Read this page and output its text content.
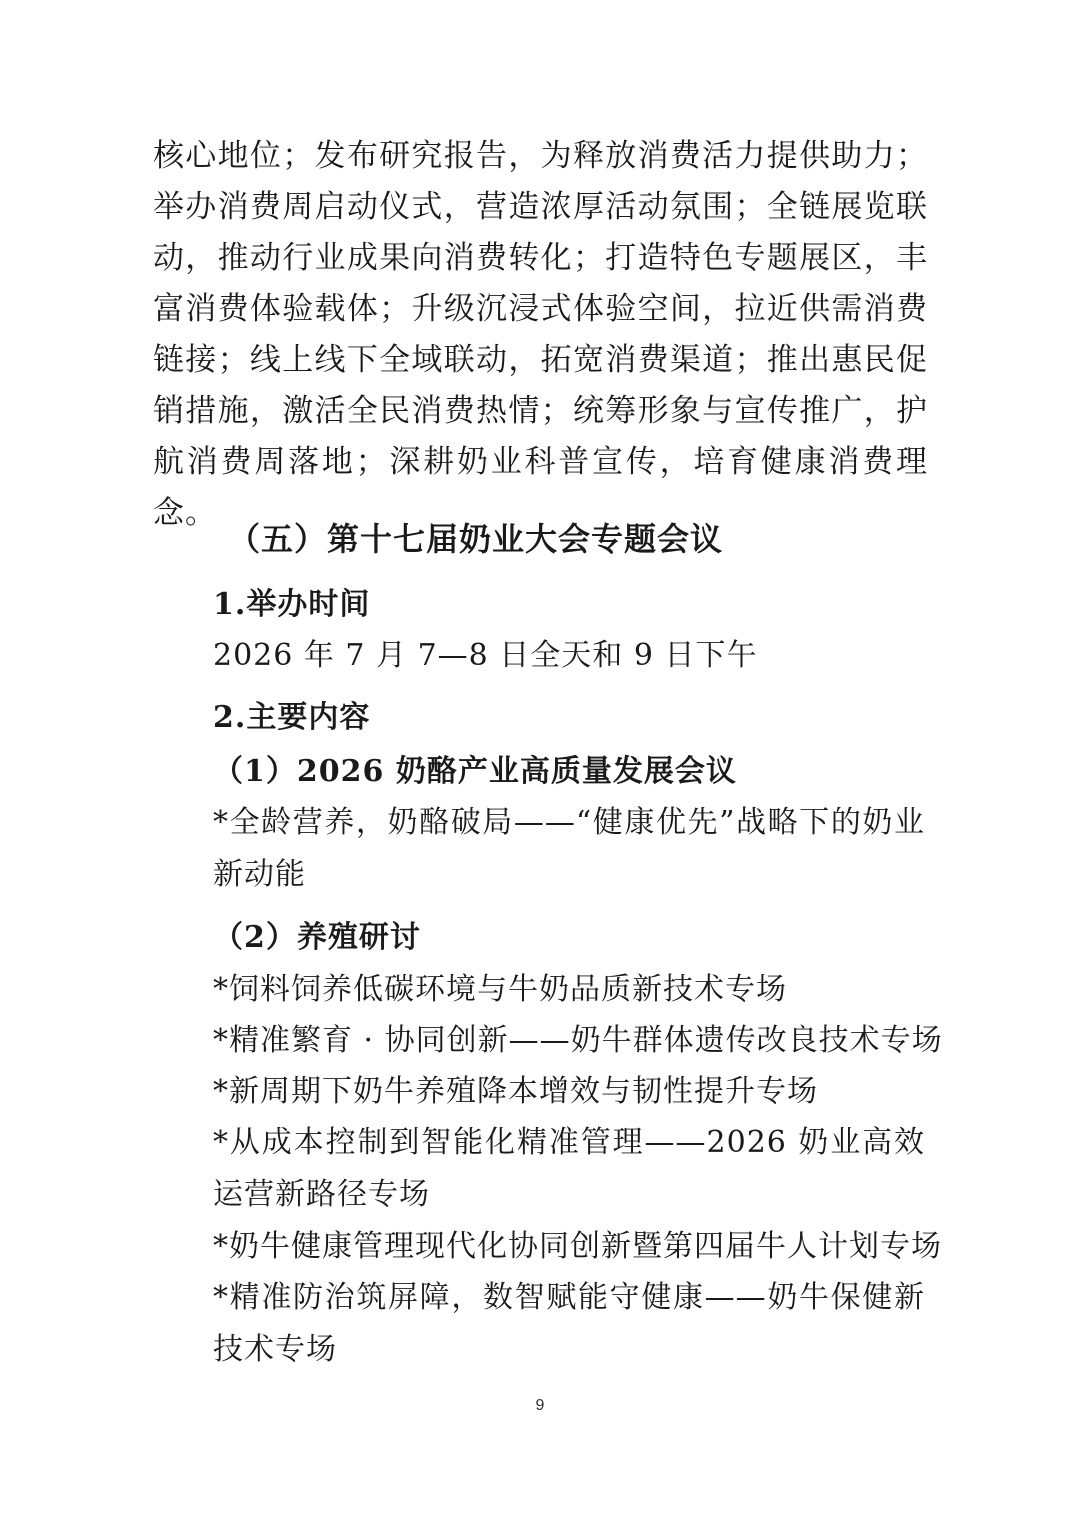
核心地位；发布研究报告，为释放消费活力提供助力；举办消费周启动仪式，营造浓厚活动氛围；全链展览联动，推动行业成果向消费转化；打造特色专题展区，丰富消费体验载体；升级沉浸式体验空间，拉近供需消费链接；线上线下全域联动，拓宽消费渠道；推出惠民促销措施，激活全民消费热情；统筹形象与宣传推广，护航消费周落地；深耕奶业科普宣传，培育健康消费理念。

（五）第十七届奶业大会专题会议
1.举办时间
2026 年 7 月 7—8 日全天和 9 日下午
2.主要内容
（1）2026 奶酪产业高质量发展会议
*全龄营养，奶酪破局——“健康优先”战略下的奶业新动能
（2）养殖研讨
*饲料饲养低碳环境与牛奶品质新技术专场
*精准繁育 · 协同创新——奶牛群体遗传改良技术专场
*新周期下奶牛养殖降本增效与韧性提升专场
*从成本控制到智能化精准管理——2026 奶业高效运营新路径专场
*奶牛健康管理现代化协同创新暨第四届牛人计划专场
*精准防治筑屏障，数智赋能守健康——奶牛保健新技术专场
9
